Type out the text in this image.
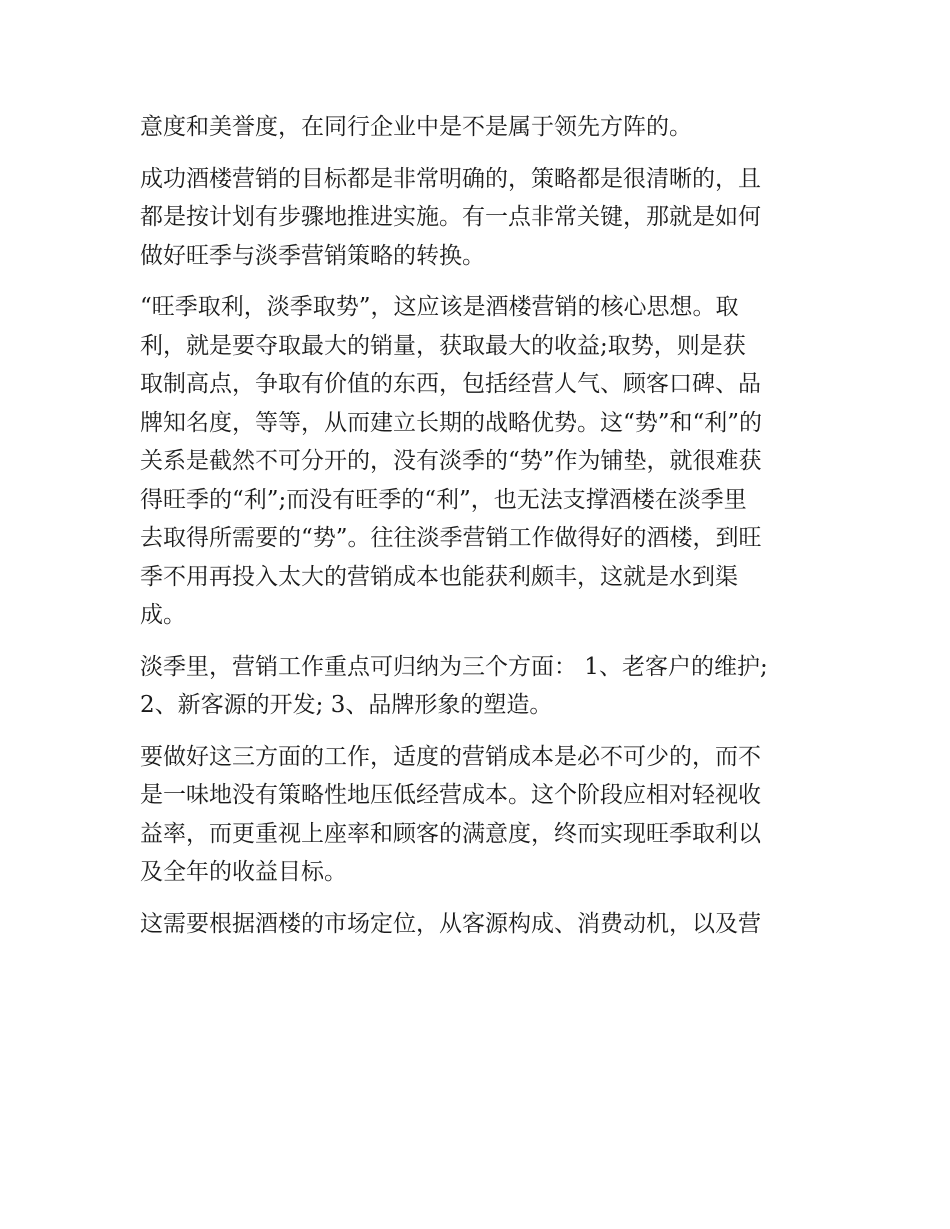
意度和美誉度，在同行企业中是不是属于领先方阵的。

成功酒楼营销的目标都是非常明确的，策略都是很清晰的，且
都是按计划有步骤地推进实施。有一点非常关键，那就是如何
做好旺季与淡季营销策略的转换。

“旺季取利，淡季取势”，这应该是酒楼营销的核心思想。取
利，就是要夺取最大的销量，获取最大的收益;取势，则是获
取制高点，争取有价值的东西，包括经营人气、顾客口碑、品
牌知名度，等等，从而建立长期的战略优势。这“势”和“利”的
关系是截然不可分开的，没有淡季的“势”作为铺垫，就很难获
得旺季的“利”;而没有旺季的“利”，也无法支撑酒楼在淡季里
去取得所需要的“势”。往往淡季营销工作做得好的酒楼，到旺
季不用再投入太大的营销成本也能获利颇丰，这就是水到渠
成。

淡季里，营销工作重点可归纳为三个方面： 1、老客户的维护;
2、新客源的开发; 3、品牌形象的塑造。

要做好这三方面的工作，适度的营销成本是必不可少的，而不
是一味地没有策略性地压低经营成本。这个阶段应相对轻视收
益率，而更重视上座率和顾客的满意度，终而实现旺季取利以
及全年的收益目标。

这需要根据酒楼的市场定位，从客源构成、消费动机，以及营
